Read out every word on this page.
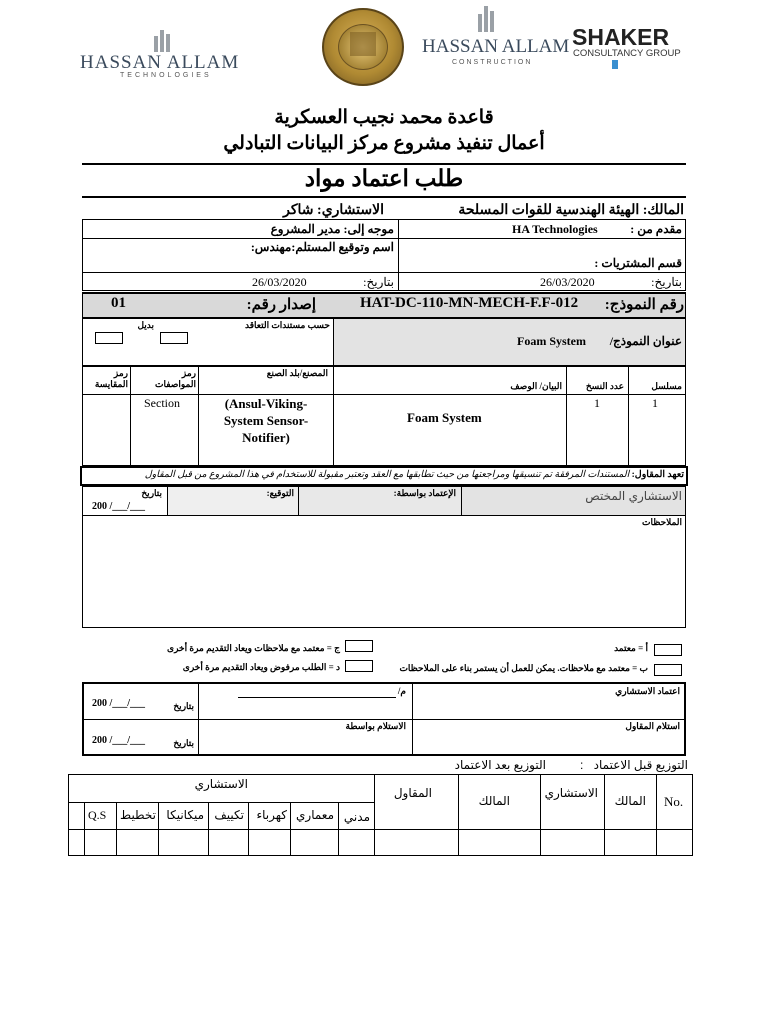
HASSAN ALLAM
TECHNOLOGIES
HASSAN ALLAM
CONSTRUCTION
SHAKER
CONSULTANCY GROUP
قاعدة محمد نجيب العسكرية
أعمال تنفيذ مشروع مركز البيانات التبادلي
طلب اعتماد مواد
المالك: الهيئة الهندسية للقوات المسلحة
الاستشاري: شاكر
مقدم من :
HA Technologies
موجه إلى: مدير المشروع
قسم المشتريات :
اسم وتوقيع المستلم:مهندس:
بتاريخ:
26/03/2020
بتاريخ:
26/03/2020
رقم النموذج:
HAT-DC-110-MN-MECH-F.F-012
إصدار رقم:
01
حسب مستندات التعاقد
بديل
عنوان النموذج/
Foam System
مسلسل
عدد النسخ
البيان/ الوصف
المصنع/بلد الصنع
رمز المواصفات
رمز المقايسة
1
1
Foam System
(Ansul-Viking-System Sensor-Notifier)
Section
تعهد المقاول: المستندات المرفقة تم تنسيقها ومراجعتها من حيث تطابقها مع العقد وتعتبر مقبولة للاستخدام في هذا المشروع من قبل المقاول
الاستشاري المختص
الإعتماد بواسطة:
التوقيع:
بتاريخ
200 /___/___
الملاحظات
أ = معتمد
ج = معتمد مع ملاحظات ويعاد التقديم مرة أخرى
ب = معتمد مع ملاحظات. يمكن للعمل أن يستمر بناء على الملاحظات
د = الطلب مرفوض ويعاد التقديم مرة أخرى
اعتماد الاستشاري
م/
بتاريخ
200 /___/___
استلام المقاول
الاستلام بواسطة
بتاريخ
200 /___/___
التوزيع قبل الاعتماد
:
التوزيع بعد الاعتماد
No.
المالك
الاستشاري
المالك
المقاول
الاستشاري
مدني
معماري
كهرباء
تكييف
ميكانيكا
تخطيط
Q.S
